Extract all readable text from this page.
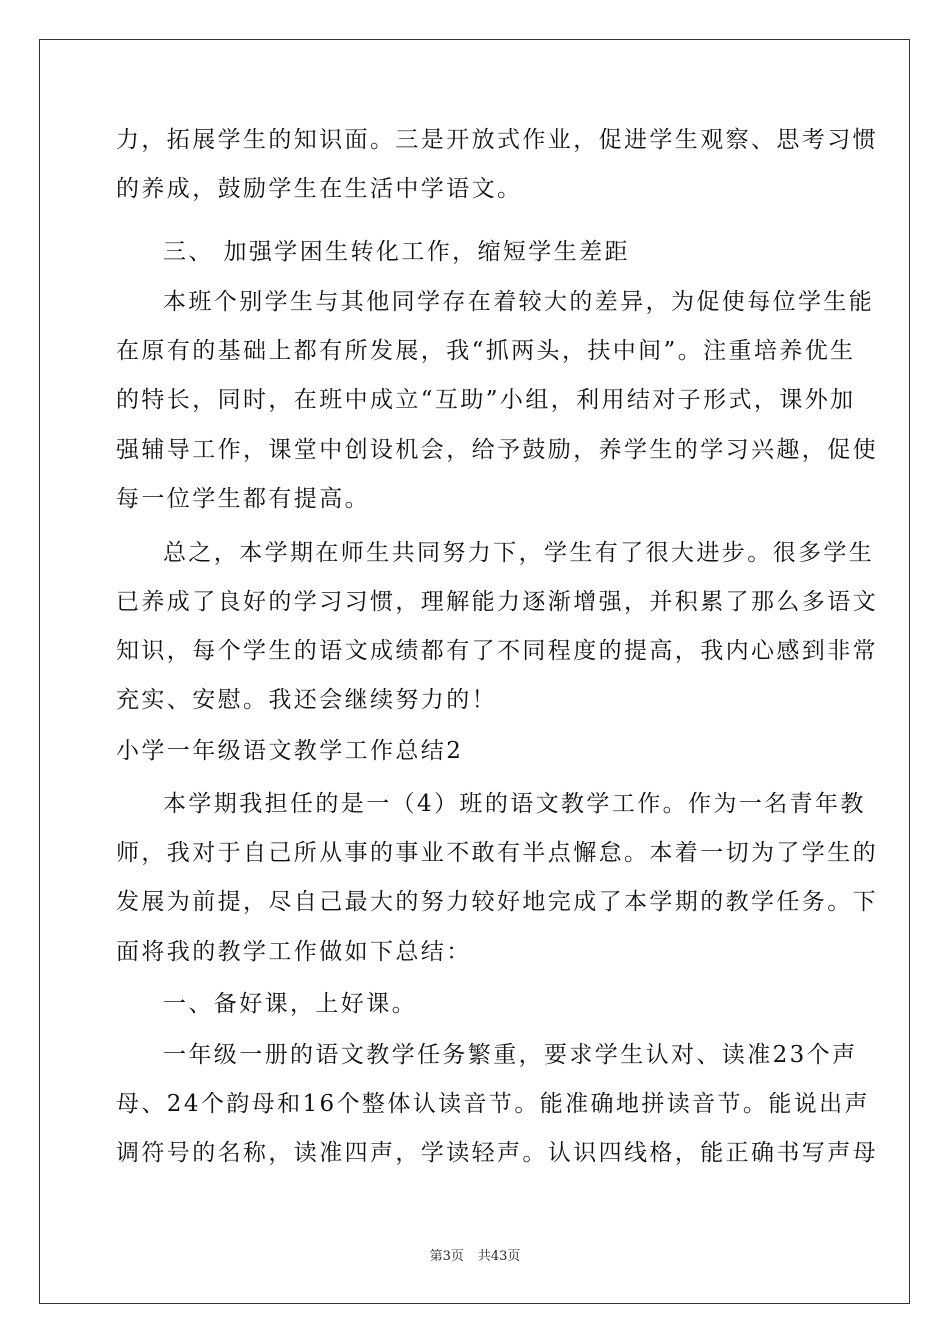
力，拓展学生的知识面。三是开放式作业，促进学生观察、思考习惯
的养成，鼓励学生在生活中学语文。
三、 加强学困生转化工作，缩短学生差距
本班个别学生与其他同学存在着较大的差异，为促使每位学生能
在原有的基础上都有所发展，我“抓两头，扶中间”。注重培养优生
的特长，同时，在班中成立“互助”小组，利用结对子形式，课外加
强辅导工作，课堂中创设机会，给予鼓励，养学生的学习兴趣，促使
每一位学生都有提高。
总之，本学期在师生共同努力下，学生有了很大进步。很多学生
已养成了良好的学习习惯，理解能力逐渐增强，并积累了那么多语文
知识，每个学生的语文成绩都有了不同程度的提高，我内心感到非常
充实、安慰。我还会继续努力的！
小学一年级语文教学工作总结2
本学期我担任的是一（4）班的语文教学工作。作为一名青年教
师，我对于自己所从事的事业不敢有半点懈怠。本着一切为了学生的
发展为前提，尽自己最大的努力较好地完成了本学期的教学任务。下
面将我的教学工作做如下总结：
一、备好课，上好课。
一年级一册的语文教学任务繁重，要求学生认对、读准23个声
母、24个韵母和16个整体认读音节。能准确地拼读音节。能说出声
调符号的名称，读准四声，学读轻声。认识四线格，能正确书写声母
第3页 共43页
